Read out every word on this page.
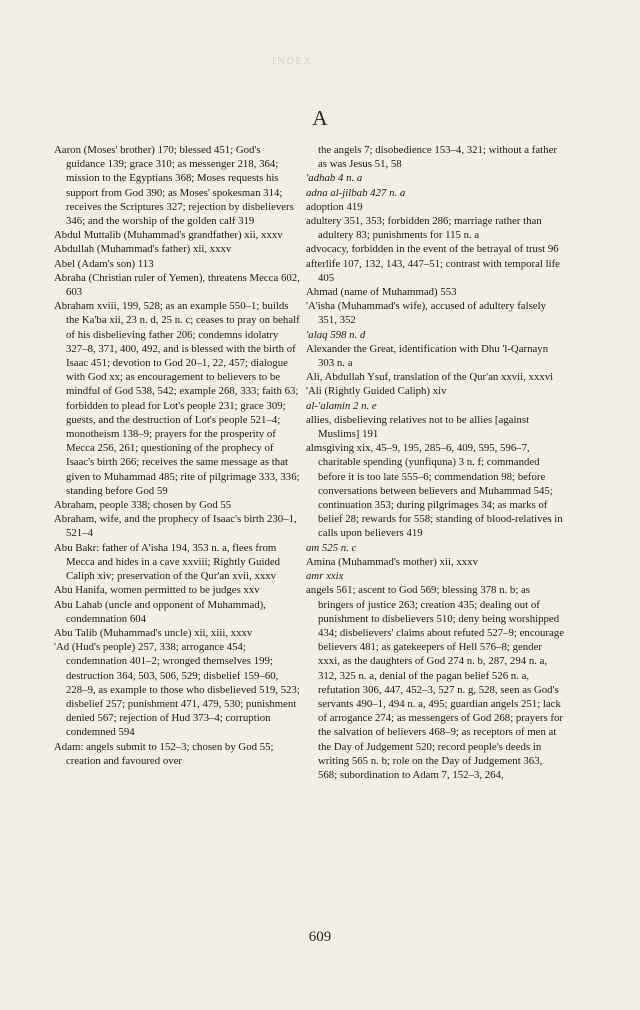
INDEX
A

Aaron (Moses' brother) 170; blessed 451; God's guidance 139; grace 310; as messenger 218, 364; mission to the Egyptians 368; Moses requests his support from God 390; as Moses' spokesman 314; receives the Scriptures 327; rejection by disbelievers 346; and the worship of the golden calf 319

Abdul Muttalib (Muhammad's grandfather) xii, xxxv

Abdullah (Muhammad's father) xii, xxxv

Abel (Adam's son) 113

Abraha (Christian ruler of Yemen), threatens Mecca 602, 603

Abraham xviii, 199, 528; as an example 550–1; builds the Ka'ba xii, 23 n. d, 25 n. c; ceases to pray on behalf of his disbelieving father 206; condemns idolatry 327–8, 371, 400, 492, and is blessed with the birth of Isaac 451; devotion to God 20–1, 22, 457; dialogue with God xx; as encouragement to believers to be mindful of God 538, 542; example 268, 333; faith 63; forbidden to plead for Lot's people 231; grace 309; guests, and the destruction of Lot's people 521–4; monotheism 138–9; prayers for the prosperity of Mecca 256, 261; questioning of the prophecy of Isaac's birth 266; receives the same message as that given to Muhammad 485; rite of pilgrimage 333, 336; standing before God 59

Abraham, people 338; chosen by God 55

Abraham, wife, and the prophecy of Isaac's birth 230–1, 521–4

Abu Bakr: father of A'isha 194, 353 n. a, flees from Mecca and hides in a cave xxviii; Rightly Guided Caliph xiv; preservation of the Qur'an xvii, xxxv

Abu Hanifa, women permitted to be judges xxv

Abu Lahab (uncle and opponent of Muhammad), condemnation 604

Abu Talib (Muhammad's uncle) xii, xiii, xxxv

'Ad (Hud's people) 257, 338; arrogance 454; condemnation 401–2; wronged themselves 199; destruction 364, 503, 506, 529; disbelief 159–60, 228–9, as example to those who disbelieved 519, 523; disbelief 257; punishment 471, 479, 530; punishment denied 567; rejection of Hud 373–4; corruption condemned 594

Adam: angels submit to 152–3; chosen by God 55; creation and favoured over

the angels 7; disobedience 153–4, 321; without a father as was Jesus 51, 58

'adhab 4 n. a

adna al-jilbab 427 n. a

adoption 419

adultery 351, 353; forbidden 286; marriage rather than adultery 83; punishments for 115 n. a

advocacy, forbidden in the event of the betrayal of trust 96

afterlife 107, 132, 143, 447–51; contrast with temporal life 405

Ahmad (name of Muhammad) 553

'A'isha (Muhammad's wife), accused of adultery falsely 351, 352

'alaq 598 n. d

Alexander the Great, identification with Dhu 'l-Qarnayn 303 n. a

Ali, Abdullah Ysuf, translation of the Qur'an xxvii, xxxvi

'Ali (Rightly Guided Caliph) xiv

al-'alamin 2 n. e

allies, disbelieving relatives not to be allies [against Muslims] 191

almsgiving xix, 45–9, 195, 285–6, 409, 595, 596–7, charitable spending (yunfiquna) 3 n. f; commanded before it is too late 555–6; commendation 98; before conversations between believers and Muhammad 545; continuation 353; during pilgrimages 34; as marks of belief 28; rewards for 558; standing of blood-relatives in calls upon believers 419

am 525 n. c

Amina (Muhammad's mother) xii, xxxv

amr xxix

angels 561; ascent to God 569; blessing 378 n. b; as bringers of justice 263; creation 435; dealing out of punishment to disbelievers 510; deny being worshipped 434; disbelievers' claims about refuted 527–9; encourage believers 481; as gatekeepers of Hell 576–8; gender xxxi, as the daughters of God 274 n. b, 287, 294 n. a, 312, 325 n. a, denial of the pagan belief 526 n. a, refutation 306, 447, 452–3, 527 n. g, 528, seen as God's servants 490–1, 494 n. a, 495; guardian angels 251; lack of arrogance 274; as messengers of God 268; prayers for the salvation of believers 468–9; as receptors of men at the Day of Judgement 520; record people's deeds in writing 565 n. b; role on the Day of Judgement 363, 568; subordination to Adam 7, 152–3, 264,

609
